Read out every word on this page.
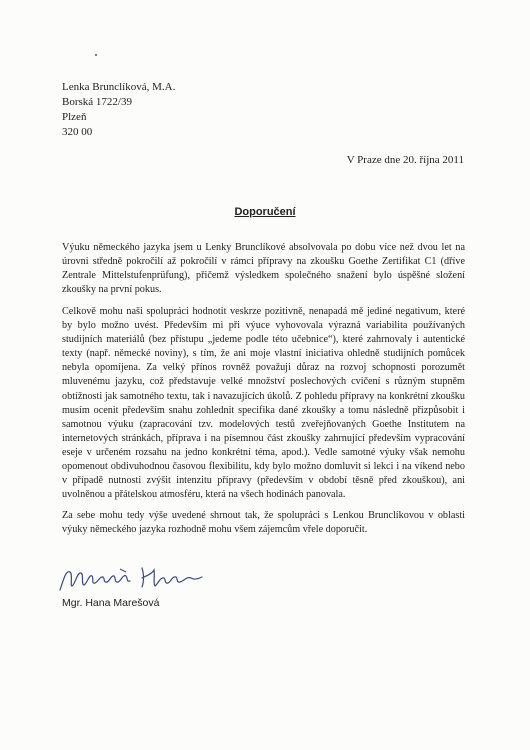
Lenka Brunclíková, M.A.
Borská 1722/39
Plzeň
320 00
V Praze dne 20. října 2011
Doporučení
Výuku německého jazyka jsem u Lenky Brunclíkové absolvovala po dobu více než dvou let na úrovni středně pokročilí až pokročilí v rámci přípravy na zkoušku Goethe Zertifikat C1 (dříve Zentrale Mittelstufenprüfung), přičemž výsledkem společného snažení bylo úspěšné složení zkoušky na první pokus.
Celkově mohu naši spolupráci hodnotit veskrze pozitivně, nenapadá mě jediné negativum, které by bylo možno uvést. Především mi při výuce vyhovovala výrazná variabilita používaných studijních materiálů (bez přístupu „jedeme podle této učebnice“), které zahrnovaly i autentické texty (např. německé noviny), s tím, že ani moje vlastní iniciativa ohledně studijních pomůcek nebyla opomíjena. Za velký přínos rovněž považuji důraz na rozvoj schopnosti porozumět mluvenému jazyku, což představuje velké množství poslechových cvičení s různým stupněm obtížnosti jak samotného textu, tak i navazujících úkolů. Z pohledu přípravy na konkrétní zkoušku musím ocenit především snahu zohlednit specifika dané zkoušky a tomu následně přizpůsobit i samotnou výuku (zapracování tzv. modelových testů zveřejňovaných Goethe Institutem na internetových stránkách, příprava i na písemnou část zkoušky zahrnující především vypracování eseje v určeném rozsahu na jedno konkrétní téma, apod.). Vedle samotné výuky však nemohu opomenout obdivuhodnou časovou flexibilitu, kdy bylo možno domluvit si lekci i na víkend nebo v případě nutnosti zvýšit intenzitu přípravy (především v období těsně před zkouškou), ani uvolněnou a přátelskou atmosféru, která na všech hodinách panovala.
Za sebe mohu tedy výše uvedené shrnout tak, že spolupráci s Lenkou Brunclíkovou v oblasti výuky německého jazyka rozhodně mohu všem zájemcům vřele doporučit.
Mgr. Hana Marešová
